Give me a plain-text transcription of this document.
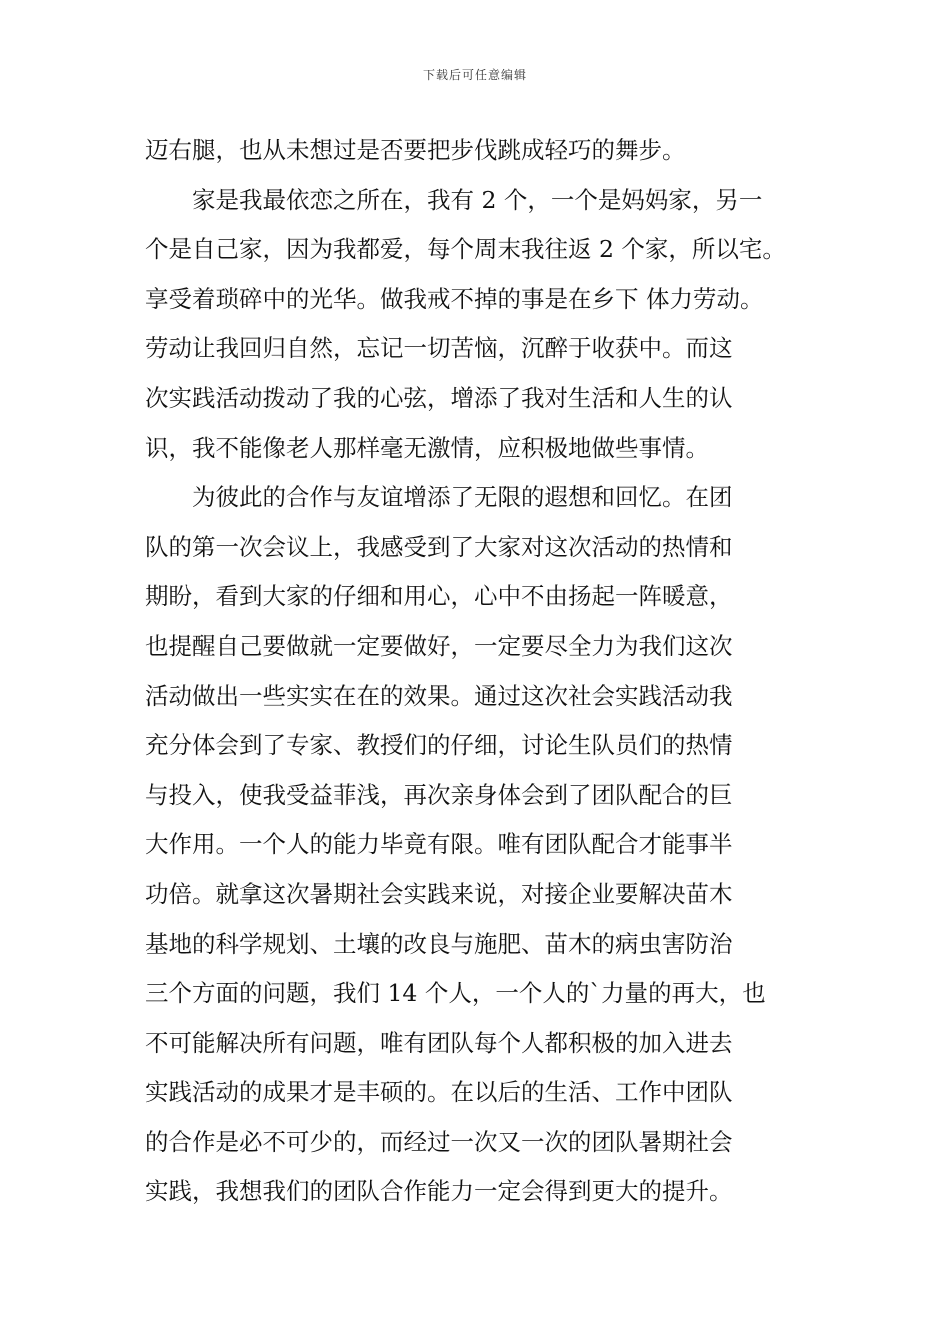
下载后可任意编辑
迈右腿，也从未想过是否要把步伐跳成轻巧的舞步。
　　家是我最依恋之所在，我有 2 个，一个是妈妈家，另一
个是自己家，因为我都爱，每个周末我往返 2 个家，所以宅。
享受着琐碎中的光华。做我戒不掉的事是在乡下 体力劳动。
劳动让我回归自然，忘记一切苦恼，沉醉于收获中。而这
次实践活动拨动了我的心弦，增添了我对生活和人生的认
识，我不能像老人那样毫无激情，应积极地做些事情。
　　为彼此的合作与友谊增添了无限的遐想和回忆。在团
队的第一次会议上，我感受到了大家对这次活动的热情和
期盼，看到大家的仔细和用心，心中不由扬起一阵暖意，
也提醒自己要做就一定要做好，一定要尽全力为我们这次
活动做出一些实实在在的效果。通过这次社会实践活动我
充分体会到了专家、教授们的仔细，讨论生队员们的热情
与投入，使我受益菲浅，再次亲身体会到了团队配合的巨
大作用。一个人的能力毕竟有限。唯有团队配合才能事半
功倍。就拿这次暑期社会实践来说，对接企业要解决苗木
基地的科学规划、土壤的改良与施肥、苗木的病虫害防治
三个方面的问题，我们 14 个人，一个人的`力量的再大，也
不可能解决所有问题，唯有团队每个人都积极的加入进去
实践活动的成果才是丰硕的。在以后的生活、工作中团队
的合作是必不可少的，而经过一次又一次的团队暑期社会
实践，我想我们的团队合作能力一定会得到更大的提升。
